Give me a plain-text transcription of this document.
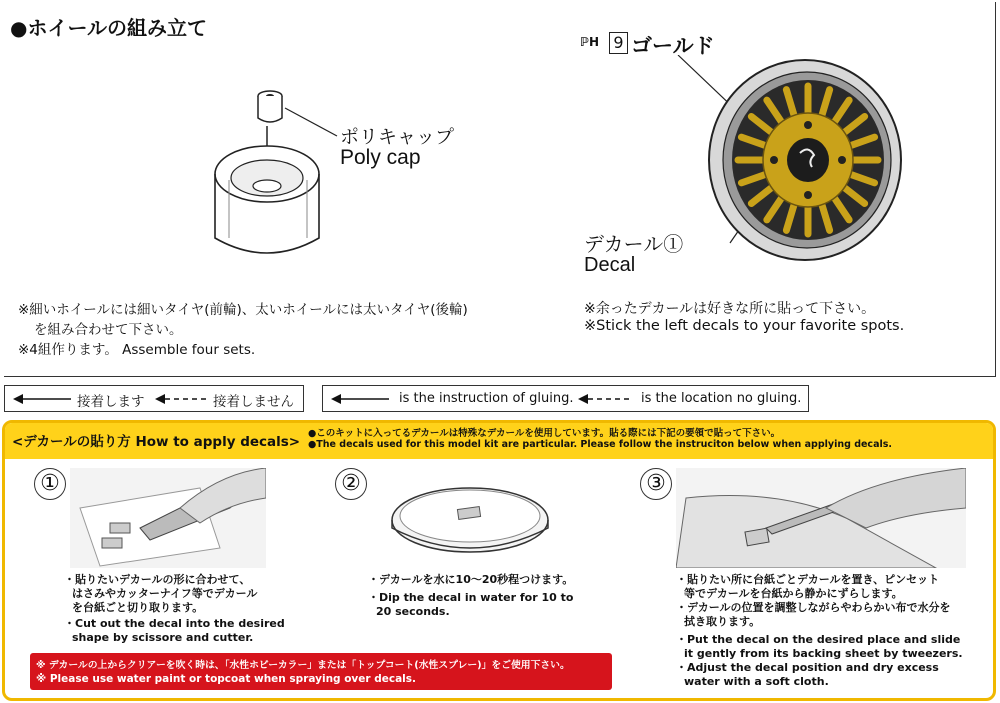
●ホイールの組み立て
ポリキャップ
Poly cap
ℙH 9 ゴールド
デカール①
Decal
※細いホイールには細いタイヤ(前輪)、太いホイールには太いタイヤ(後輪)
を組み合わせて下さい。
※4組作ります。 Assemble four sets.
※余ったデカールは好きな所に貼って下さい。
※Stick the left decals to your favorite spots.
接着します	接着しません	is the instruction of gluing.	is the location no gluing.
<デカールの貼り方 How to apply decals>
●このキットに入ってるデカールは特殊なデカールを使用しています。貼る際には下記の要領で貼って下さい。
●The decals used for this model kit are particular. Please follow the instruciton below when applying decals.
①
・貼りたいデカールの形に合わせて、
はさみやカッターナイフ等でデカール
を台紙ごと切り取ります。
・Cut out the decal into the desired
shape by scissore and cutter.
②
・デカールを水に10〜20秒程つけます。
・Dip the decal in water for 10 to
20 seconds.
③
・貼りたい所に台紙ごとデカールを置き、ピンセット
等でデカールを台紙から静かにずらします。
・デカールの位置を調整しながらやわらかい布で水分を
拭き取ります。
・Put the decal on the desired place and slide
it gently from its backing sheet by tweezers.
・Adjust the decal position and dry excess
water with a soft cloth.
※ デカールの上からクリアーを吹く時は、「水性ホビーカラー」または「トップコート(水性スプレー)」をご使用下さい。
※ Please use water paint or topcoat when spraying over decals.
